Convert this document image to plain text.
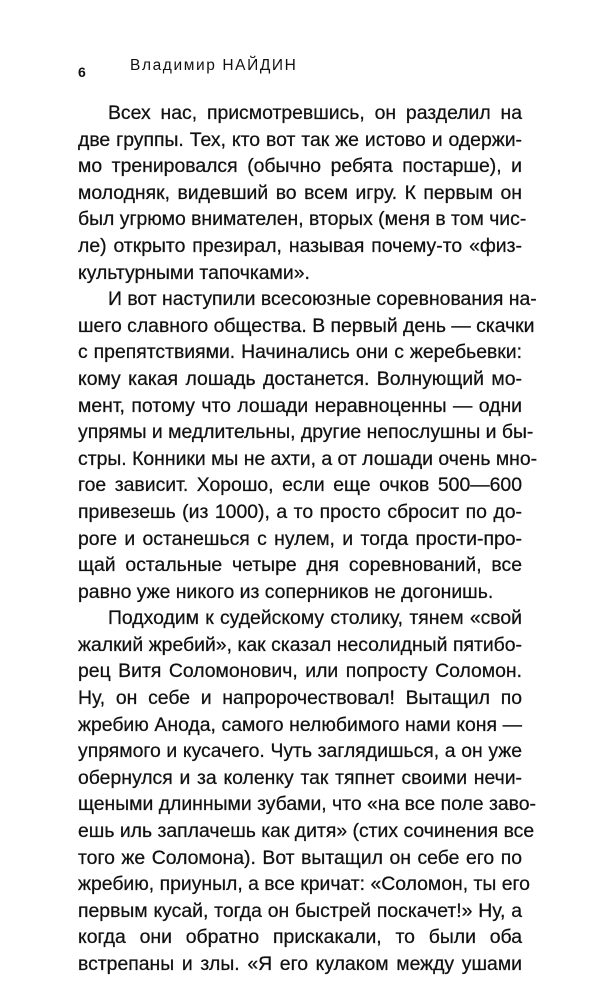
6	Владимир НАЙДИН
Всех нас, присмотревшись, он разделил на
две группы. Тех, кто вот так же истово и одержи-
мо тренировался (обычно ребята постарше), и
молодняк, видевший во всем игру. К первым он
был угрюмо внимателен, вторых (меня в том чис-
ле) открыто презирал, называя почему-то «физ-
культурными тапочками».
И вот наступили всесоюзные соревнования на-
шего славного общества. В первый день — скачки
с препятствиями. Начинались они с жеребьевки:
кому какая лошадь достанется. Волнующий мо-
мент, потому что лошади неравноценны — одни
упрямы и медлительны, другие непослушны и бы-
стры. Конники мы не ахти, а от лошади очень мно-
гое зависит. Хорошо, если еще очков 500—600
привезешь (из 1000), а то просто сбросит по до-
роге и останешься с нулем, и тогда прости-про-
щай остальные четыре дня соревнований, все
равно уже никого из соперников не догонишь.
Подходим к судейскому столику, тянем «свой
жалкий жребий», как сказал несолидный пятибо-
рец Витя Соломонович, или попросту Соломон.
Ну, он себе и напророчествовал! Вытащил по
жребию Анода, самого нелюбимого нами коня —
упрямого и кусачего. Чуть заглядишься, а он уже
обернулся и за коленку так тяпнет своими нечи-
щеными длинными зубами, что «на все поле заво-
ешь иль заплачешь как дитя» (стих сочинения все
того же Соломона). Вот вытащил он себе его по
жребию, приуныл, а все кричат: «Соломон, ты его
первым кусай, тогда он быстрей поскачет!» Ну, а
когда они обратно прискакали, то были оба
встрепаны и злы. «Я его кулаком между ушами
